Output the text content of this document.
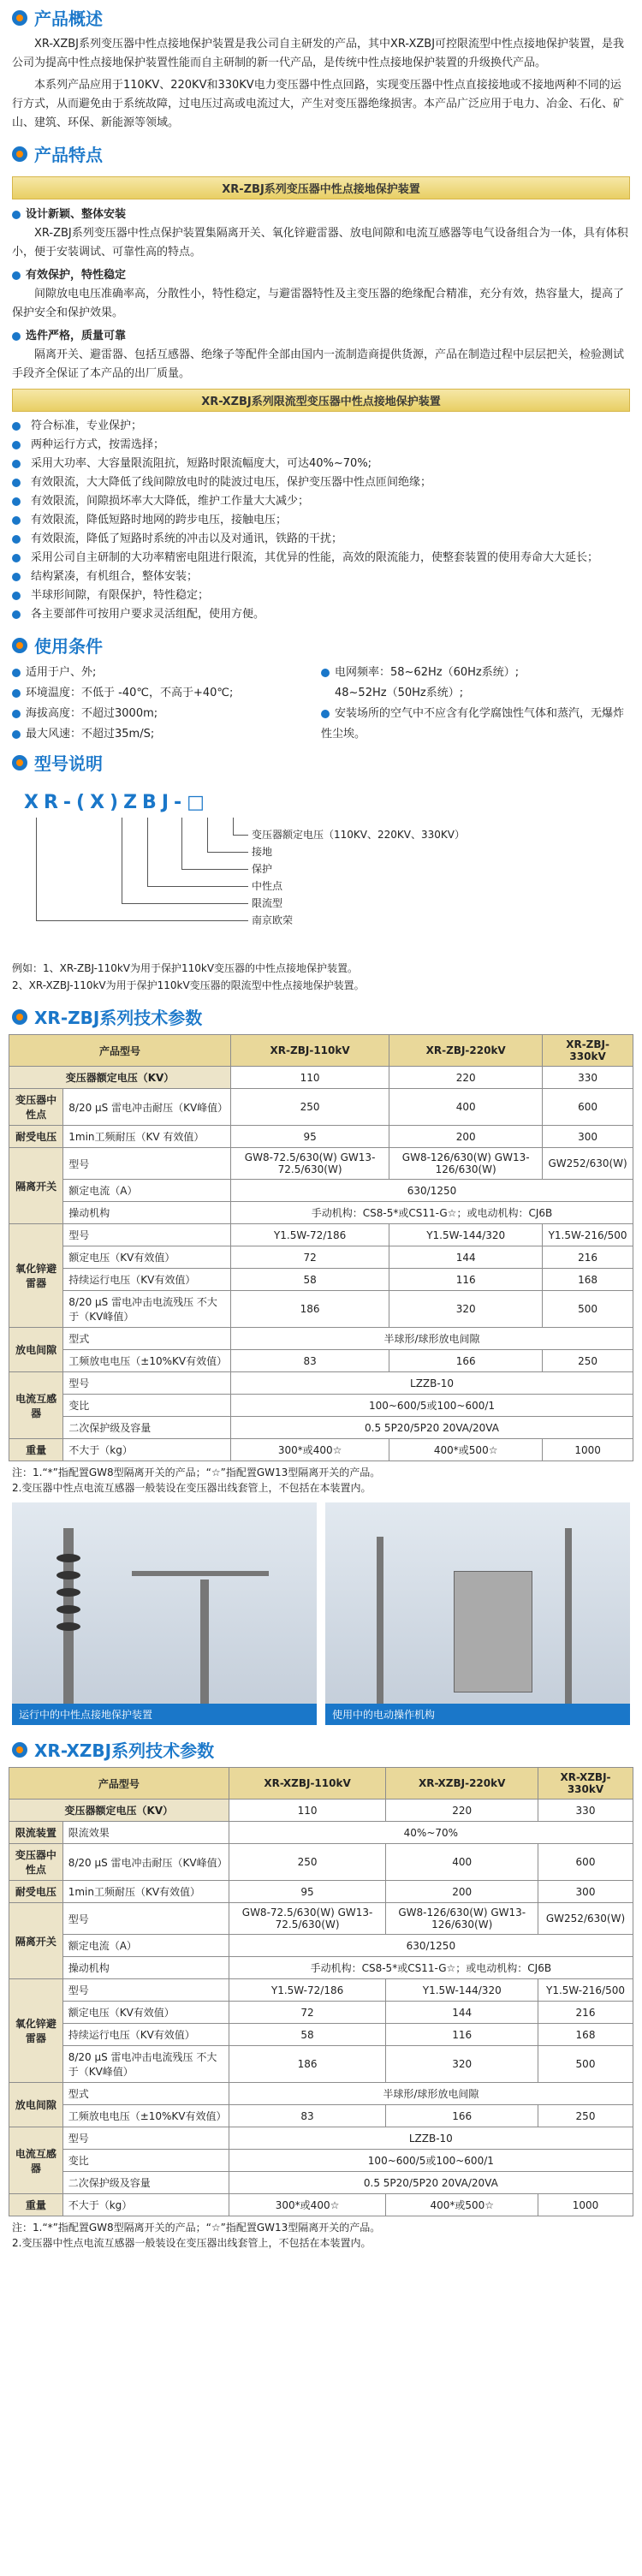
产品概述

XR-XZBJ系列变压器中性点接地保护装置是我公司自主研发的产品，其中XR-XZBJ可控限流型中性点接地保护装置，是我公司为提高中性点接地保护装置性能而自主研制的新一代产品，是传统中性点接地保护装置的升级换代产品。

本系列产品应用于110KV、220KV和330KV电力变压器中性点回路，实现变压器中性点直接接地或不接地两种不同的运行方式，从而避免由于系统故障，过电压过高或电流过大，产生对变压器绝缘损害。本产品广泛应用于电力、冶金、石化、矿山、建筑、环保、新能源等领域。

产品特点
XR-ZBJ系列变压器中性点接地保护装置
设计新颖、整体安装

XR-ZBJ系列变压器中性点保护装置集隔离开关、氧化锌避雷器、放电间隙和电流互感器等电气设备组合为一体，具有体积小，便于安装调试、可靠性高的特点。

有效保护，特性稳定

间隙放电电压准确率高，分散性小，特性稳定，与避雷器特性及主变压器的绝缘配合精准，充分有效，热容量大，提高了保护安全和保护效果。

选件严格，质量可靠

隔离开关、避雷器、包括互感器、绝缘子等配件全部由国内一流制造商提供货源，产品在制造过程中层层把关，检验测试手段齐全保证了本产品的出厂质量。

XR-XZBJ系列限流型变压器中性点接地保护装置
符合标准，专业保护；
两种运行方式，按需选择；
采用大功率、大容量限流阻抗，短路时限流幅度大，可达40%~70%;
有效限流，大大降低了线间隙放电时的陡波过电压，保护变压器中性点匝间绝缘；
有效限流，间隙损坏率大大降低，维护工作量大大减少；
有效限流，降低短路时地网的跨步电压，接触电压；
有效限流，降低了短路时系统的冲击以及对通讯，铁路的干扰；
采用公司自主研制的大功率精密电阻进行限流，其优异的性能，高效的限流能力，使整套装置的使用寿命大大延长；
结构紧凑，有机组合，整体安装；
半球形间隙，有限保护，特性稳定；
各主要部件可按用户要求灵活组配，使用方便。
使用条件
适用于户、外;
环境温度：不低于 -40℃，不高于+40℃;
海拔高度：不超过3000m;
最大风速：不超过35m/S;
电网频率：58~62Hz（60Hz系统）;
48~52Hz（50Hz系统）;
安装场所的空气中不应含有化学腐蚀性气体和蒸汽，无爆炸性尘埃。
型号说明
XR-(X)ZBJ-□
变压器额定电压（110KV、220KV、330KV）
接地
保护
中性点
限流型
南京欧荣
例如：1、XR-ZBJ-110kV为用于保护110kV变压器的中性点接地保护装置。
2、XR-XZBJ-110kV为用于保护110kV变压器的限流型中性点接地保护装置。
XR-ZBJ系列技术参数
产品型号		XR-ZBJ-110kV	XR-ZBJ-220kV	XR-ZBJ-330kV
变压器额定电压（KV）		110	220	330
变压器中性点	8/20 μS 雷电冲击耐压（KV峰值）	250	400	600
耐受电压	1min工频耐压（KV 有效值）	95	200	300
隔离开关	型号	GW8-72.5/630(W) GW13-72.5/630(W)	GW8-126/630(W) GW13-126/630(W)	GW252/630(W)
	额定电流（A）	630/1250		
	操动机构	手动机构：CS8-5*或CS11-G☆；或电动机构：CJ6B		
氧化锌避雷器	型号	Y1.5W-72/186	Y1.5W-144/320	Y1.5W-216/500
	额定电压（KV有效值）	72	144	216
	持续运行电压（KV有效值）	58	116	168
	8/20 μS 雷电冲击电流残压 不大于（KV峰值）	186	320	500
放电间隙	型式	半球形/球形放电间隙		
	工频放电电压（±10%KV有效值）	83	166	250
电流互感器	型号	LZZB-10		
	变比	100~600/5或100~600/1		
	二次保护级及容量	0.5 5P20/5P20 20VA/20VA		
重量	不大于（kg）	300*或400☆	400*或500☆	1000
注：1.“*”指配置GW8型隔离开关的产品；“☆”指配置GW13型隔离开关的产品。
2.变压器中性点电流互感器一般装设在变压器出线套管上，不包括在本装置内。
运行中的中性点接地保护装置	使用中的电动操作机构
XR-XZBJ系列技术参数
产品型号		XR-XZBJ-110kV	XR-XZBJ-220kV	XR-XZBJ-330kV
变压器额定电压（KV）		110	220	330
限流装置	限流效果	40%~70%		
变压器中性点	8/20 μS 雷电冲击耐压（KV峰值）	250	400	600
耐受电压	1min工频耐压（KV有效值）	95	200	300
隔离开关	型号	GW8-72.5/630(W) GW13-72.5/630(W)	GW8-126/630(W) GW13-126/630(W)	GW252/630(W)
	额定电流（A）	630/1250		
	操动机构	手动机构：CS8-5*或CS11-G☆；或电动机构：CJ6B		
氧化锌避雷器	型号	Y1.5W-72/186	Y1.5W-144/320	Y1.5W-216/500
	额定电压（KV有效值）	72	144	216
	持续运行电压（KV有效值）	58	116	168
	8/20 μS 雷电冲击电流残压 不大于（KV峰值）	186	320	500
放电间隙	型式	半球形/球形放电间隙		
	工频放电电压（±10%KV有效值）	83	166	250
电流互感器	型号	LZZB-10		
	变比	100~600/5或100~600/1		
	二次保护级及容量	0.5 5P20/5P20 20VA/20VA		
重量	不大于（kg）	300*或400☆	400*或500☆	1000
注：1.“*”指配置GW8型隔离开关的产品；“☆”指配置GW13型隔离开关的产品。
2.变压器中性点电流互感器一般装设在变压器出线套管上，不包括在本装置内。
